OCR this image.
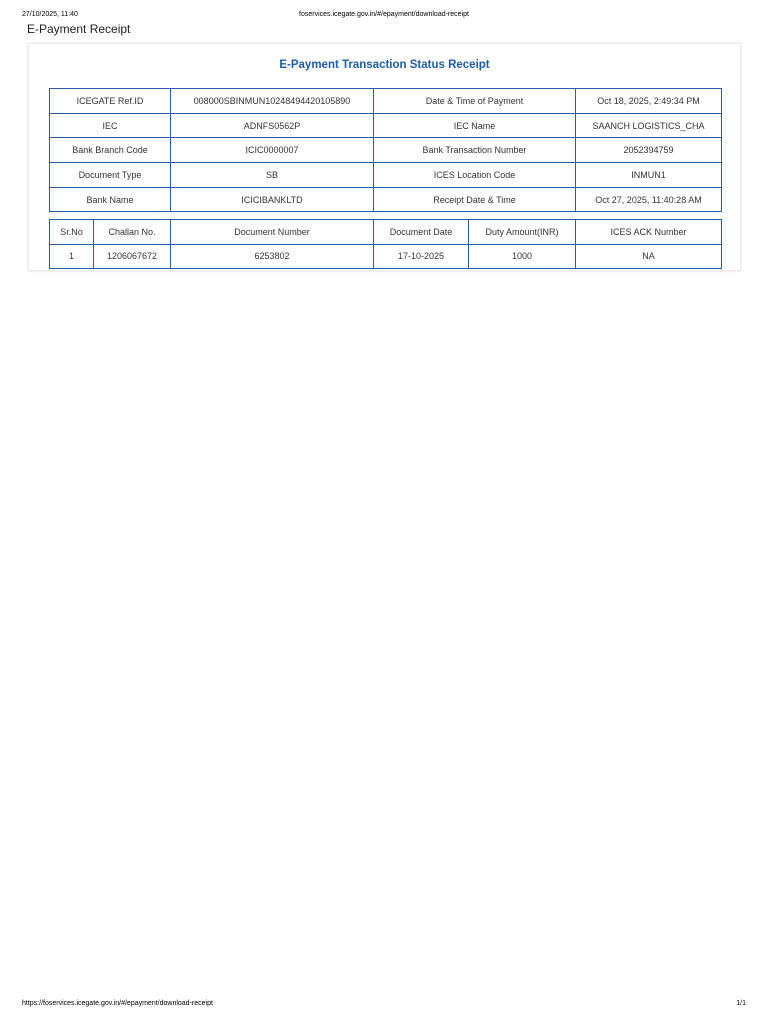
27/10/2025, 11:40	foservices.icegate.gov.in/#/epayment/download-receipt
E-Payment Receipt
E-Payment Transaction Status Receipt
ICEGATE Ref.ID	008000SBINMUN10248494420105890	Date & Time of Payment	Oct 18, 2025, 2:49:34 PM
IEC	ADNFS0562P	IEC Name	SAANCH LOGISTICS_CHA
Bank Branch Code	ICIC0000007	Bank Transaction Number	2052394759
Document Type	SB	ICES Location Code	INMUN1
Bank Name	ICICIBANKLTD	Receipt Date & Time	Oct 27, 2025, 11:40:28 AM
Sr.No	Challan No.	Document Number	Document Date	Duty Amount(INR)	ICES ACK Number
1	1206067672	6253802	17-10-2025	1000	NA
https://foservices.icegate.gov.in/#/epayment/download-receipt	1/1
